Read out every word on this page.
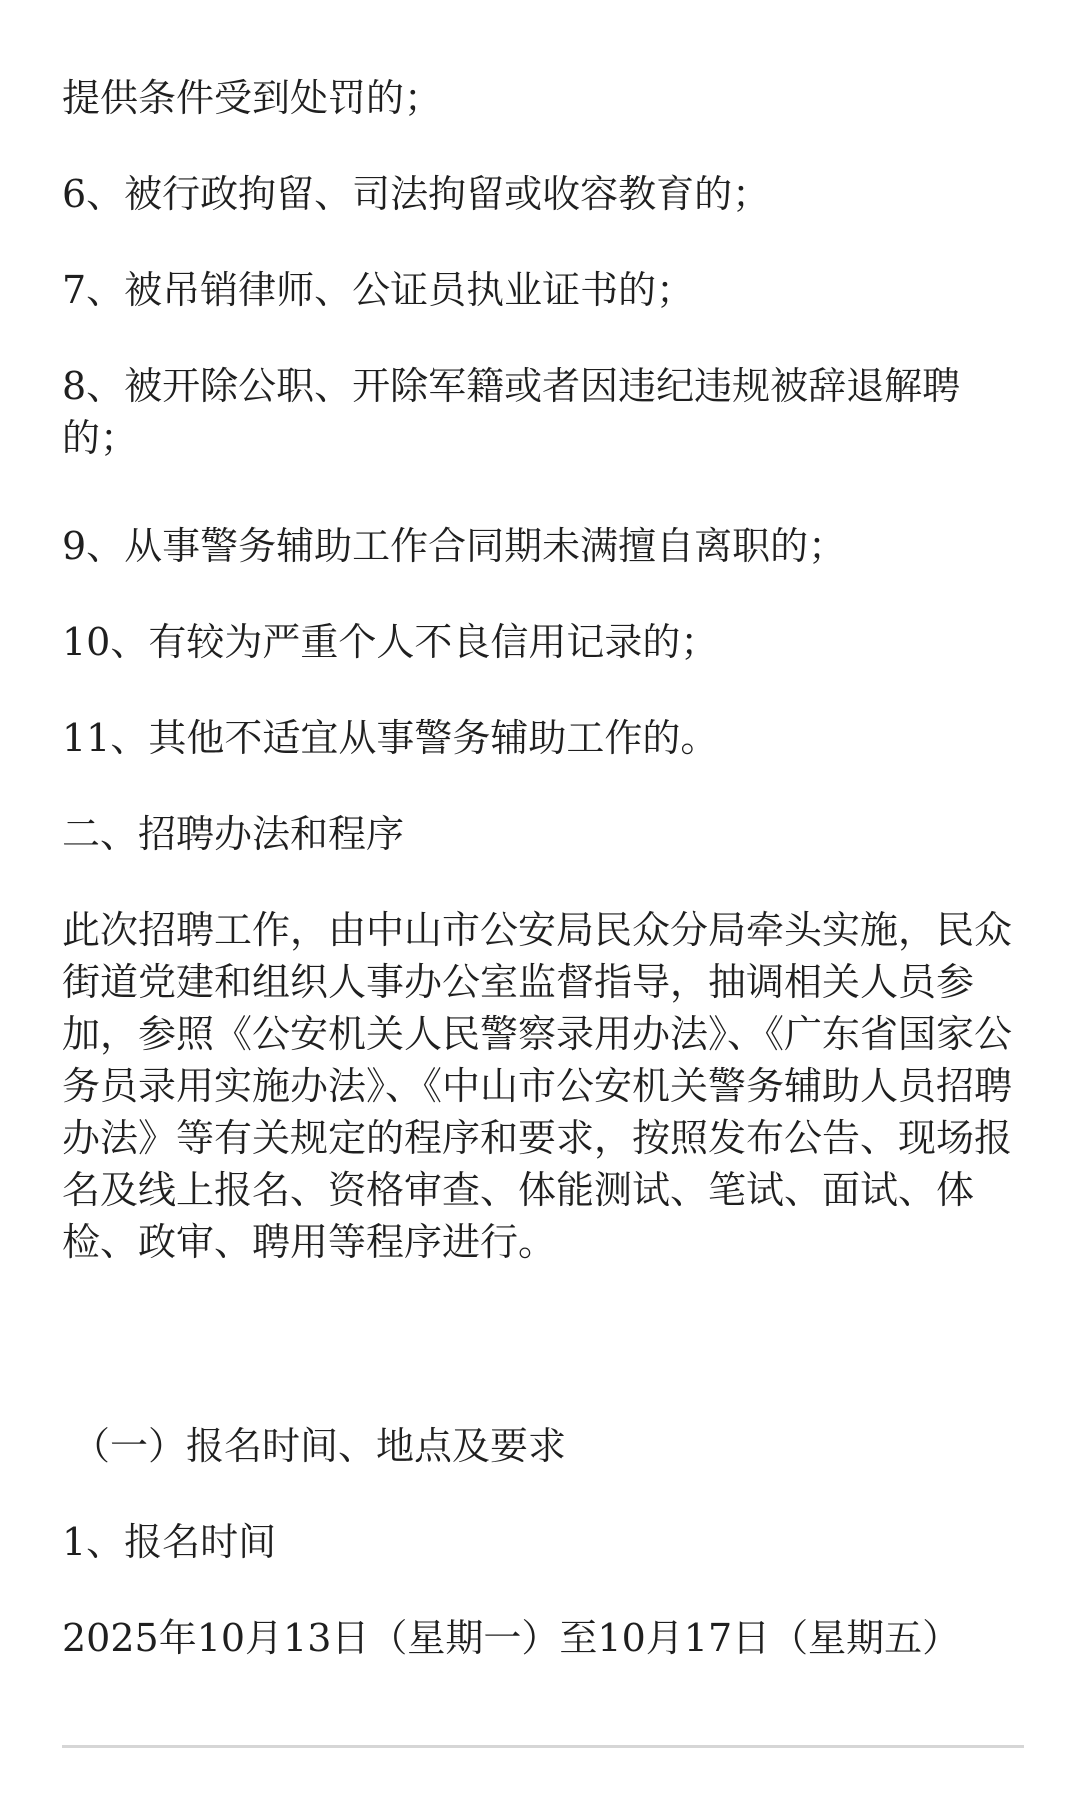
提供条件受到处罚的；

6、被行政拘留、司法拘留或收容教育的；

7、被吊销律师、公证员执业证书的；

8、被开除公职、开除军籍或者因违纪违规被辞退解聘的；

9、从事警务辅助工作合同期未满擅自离职的；

10、有较为严重个人不良信用记录的；

11、其他不适宜从事警务辅助工作的。

二、招聘办法和程序

此次招聘工作，由中山市公安局民众分局牵头实施，民众街道党建和组织人事办公室监督指导，抽调相关人员参加，参照《公安机关人民警察录用办法》、《广东省国家公务员录用实施办法》、《中山市公安机关警务辅助人员招聘办法》等有关规定的程序和要求，按照发布公告、现场报名及线上报名、资格审查、体能测试、笔试、面试、体检、政审、聘用等程序进行。

（一）报名时间、地点及要求

1、报名时间

2025年10月13日（星期一）至10月17日（星期五）
